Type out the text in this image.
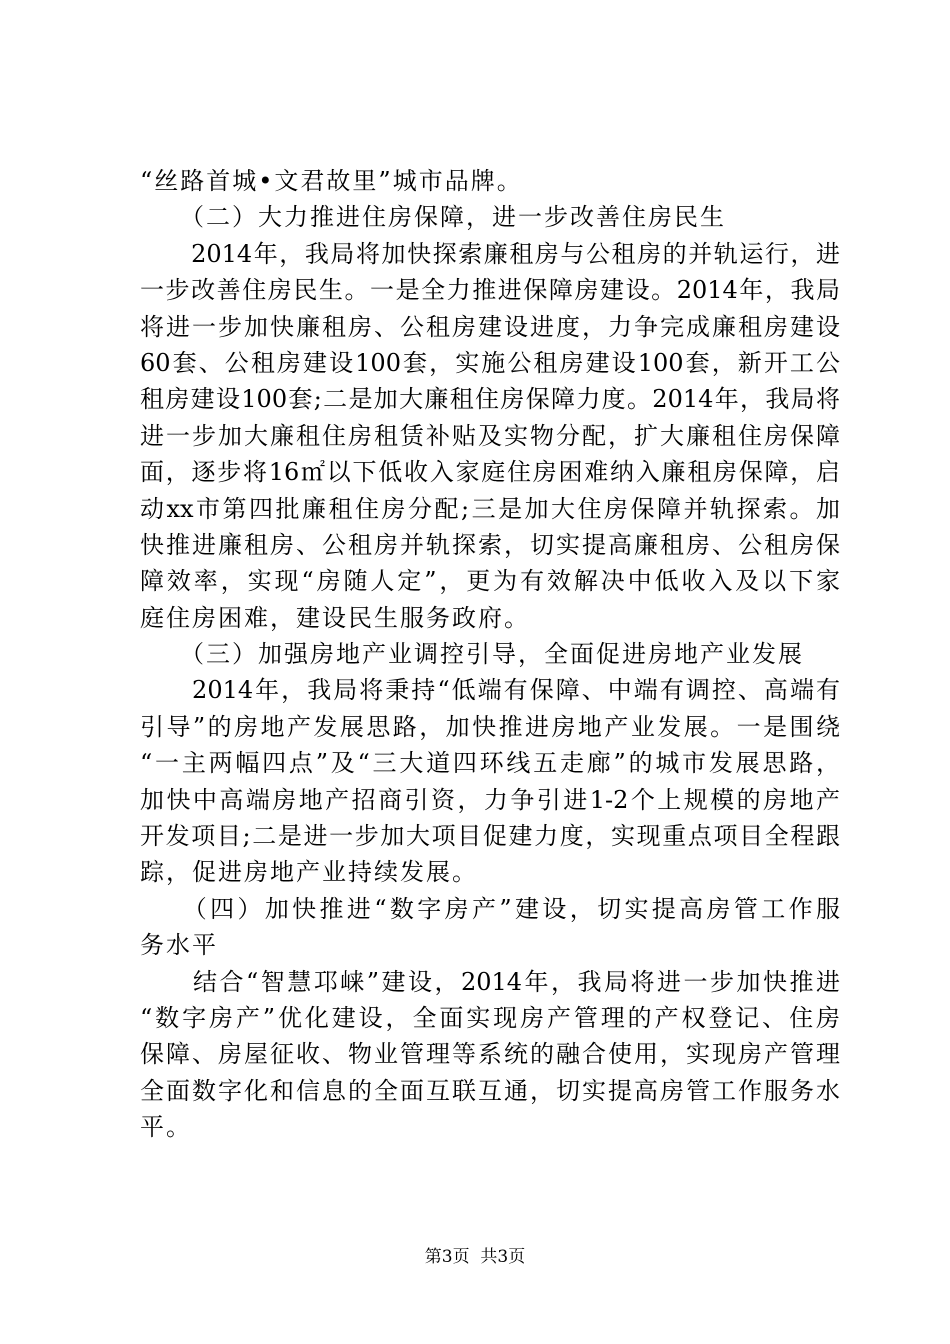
“丝路首城•文君故里”城市品牌。
　　（二）大力推进住房保障，进一步改善住房民生
　　2014年，我局将加快探索廉租房与公租房的并轨运行，进
一步改善住房民生。一是全力推进保障房建设。2014年，我局
将进一步加快廉租房、公租房建设进度，力争完成廉租房建设
60套、公租房建设100套，实施公租房建设100套，新开工公
租房建设100套;二是加大廉租住房保障力度。2014年，我局将
进一步加大廉租住房租赁补贴及实物分配，扩大廉租住房保障
面，逐步将16㎡以下低收入家庭住房困难纳入廉租房保障，启
动xx市第四批廉租住房分配;三是加大住房保障并轨探索。加
快推进廉租房、公租房并轨探索，切实提高廉租房、公租房保
障效率，实现“房随人定”，更为有效解决中低收入及以下家
庭住房困难，建设民生服务政府。
　　（三）加强房地产业调控引导，全面促进房地产业发展
　　2014年，我局将秉持“低端有保障、中端有调控、高端有
引导”的房地产发展思路，加快推进房地产业发展。一是围绕
“一主两幅四点”及“三大道四环线五走廊”的城市发展思路，
加快中高端房地产招商引资，力争引进1-2个上规模的房地产
开发项目;二是进一步加大项目促建力度，实现重点项目全程跟
踪，促进房地产业持续发展。
　　（四）加快推进“数字房产”建设，切实提高房管工作服
务水平
　　结合“智慧邛崃”建设，2014年，我局将进一步加快推进
“数字房产”优化建设，全面实现房产管理的产权登记、住房
保障、房屋征收、物业管理等系统的融合使用，实现房产管理
全面数字化和信息的全面互联互通，切实提高房管工作服务水
平。
第3页  共3页
